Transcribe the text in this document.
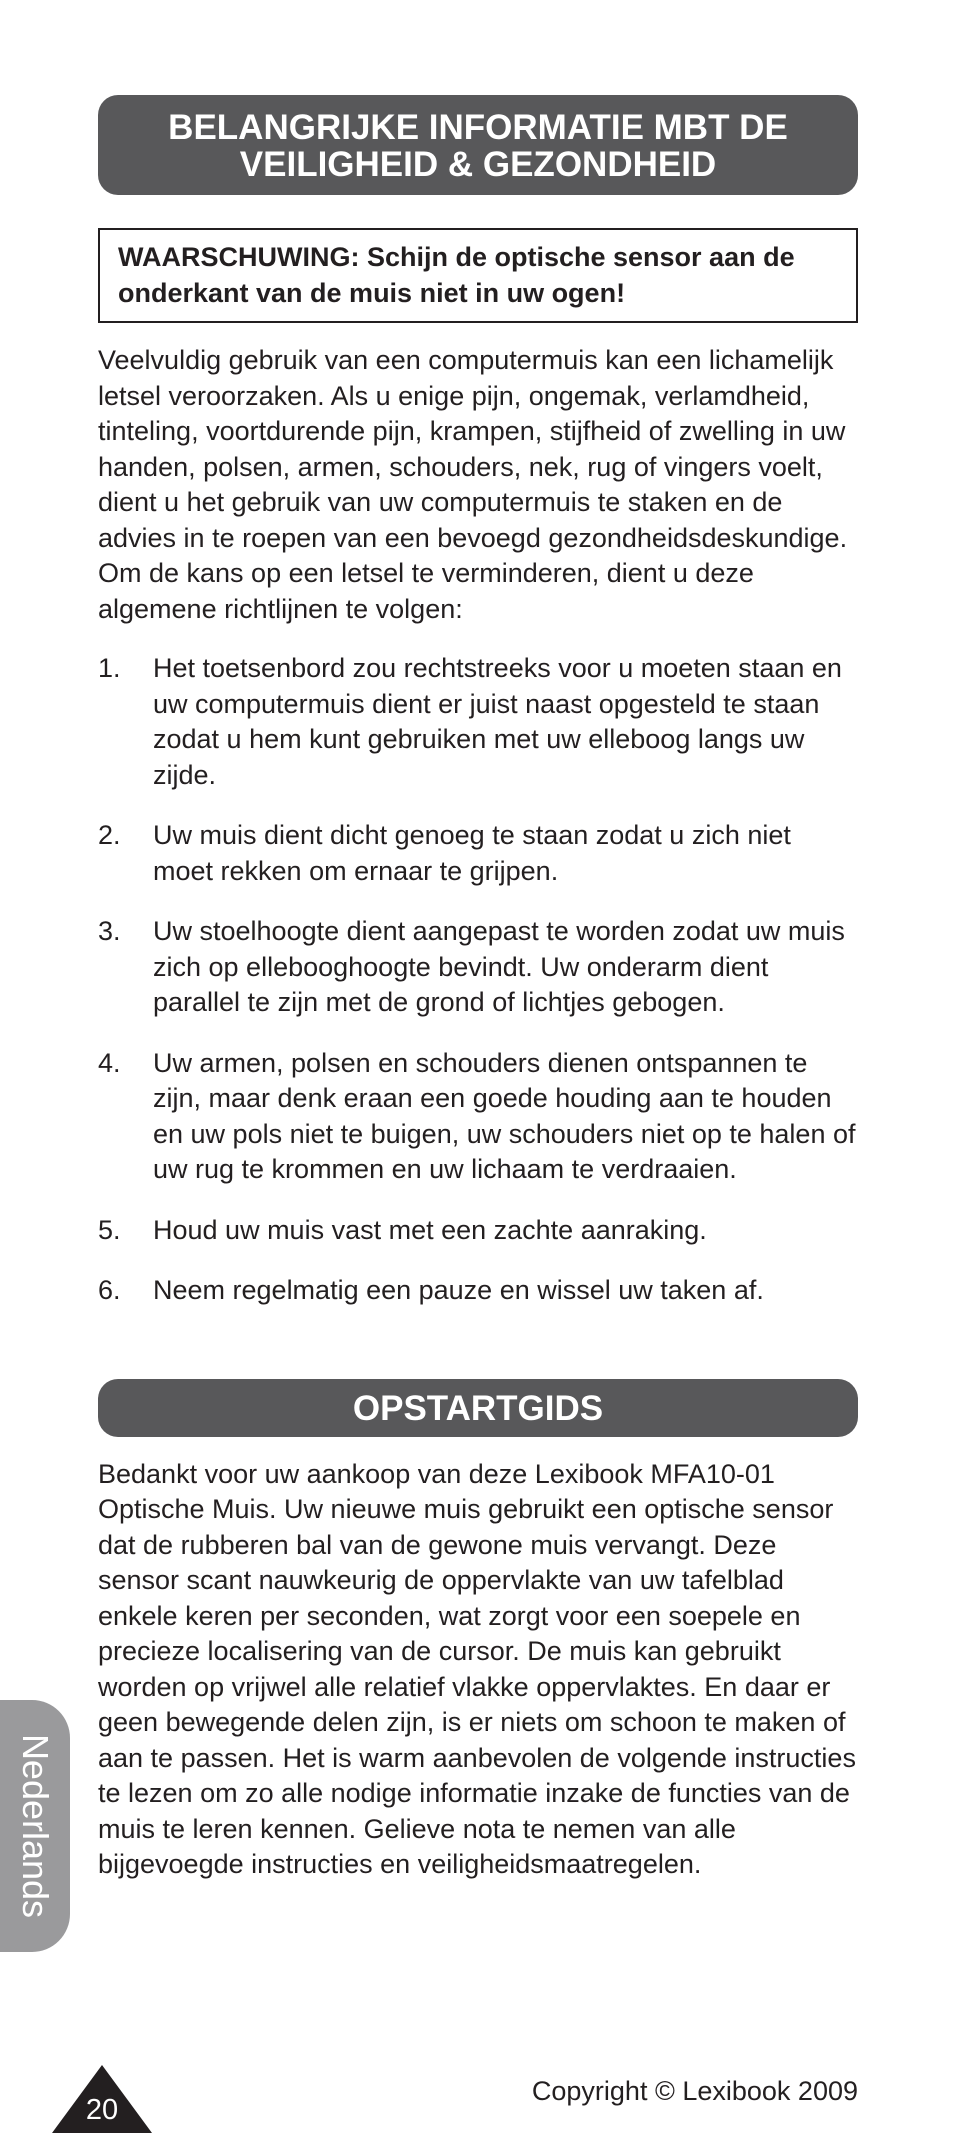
BELANGRIJKE INFORMATIE MBT DE
VEILIGHEID & GEZONDHEID
WAARSCHUWING: Schijn de optische sensor aan de onderkant van de muis niet in uw ogen!

Veelvuldig gebruik van een computermuis kan een lichamelijk letsel veroorzaken. Als u enige pijn, ongemak, verlamdheid, tinteling, voortdurende pijn, krampen, stijfheid of zwelling in uw handen, polsen, armen, schouders, nek, rug of vingers voelt, dient u het gebruik van uw computermuis te staken en de advies in te roepen van een bevoegd gezondheidsdeskundige. Om de kans op een letsel te verminderen, dient u deze algemene richtlijnen te volgen:

1.	Het toetsenbord zou rechtstreeks voor u moeten staan en uw computermuis dient er juist naast opgesteld te staan zodat u hem kunt gebruiken met uw elleboog langs uw zijde.
2.	Uw muis dient dicht genoeg te staan zodat u zich niet moet rekken om ernaar te grijpen.
3.	Uw stoelhoogte dient aangepast te worden zodat uw muis zich op ellebooghoogte bevindt. Uw onderarm dient parallel te zijn met de grond of lichtjes gebogen.
4.	Uw armen, polsen en schouders dienen ontspannen te zijn, maar denk eraan een goede houding aan te houden en uw pols niet te buigen, uw schouders niet op te halen of uw rug te krommen en uw lichaam te verdraaien.
5.	Houd uw muis vast met een zachte aanraking.
6.	Neem regelmatig een pauze en wissel uw taken af.
OPSTARTGIDS

Bedankt voor uw aankoop van deze Lexibook MFA10-01 Optische Muis. Uw nieuwe muis gebruikt een optische sensor dat de rubberen bal van de gewone muis vervangt. Deze sensor scant nauwkeurig de oppervlakte van uw tafelblad enkele keren per seconden, wat zorgt voor een soepele en precieze localisering van de cursor. De muis kan gebruikt worden op vrijwel alle relatief vlakke oppervlaktes. En daar er geen bewegende delen zijn, is er niets om schoon te maken of aan te passen. Het is warm aanbevolen de volgende instructies te lezen om zo alle nodige informatie inzake de functies van de muis te leren kennen. Gelieve nota te nemen van alle bijgevoegde instructies en veiligheidsmaatregelen.

Nederlands
20
Copyright © Lexibook 2009
